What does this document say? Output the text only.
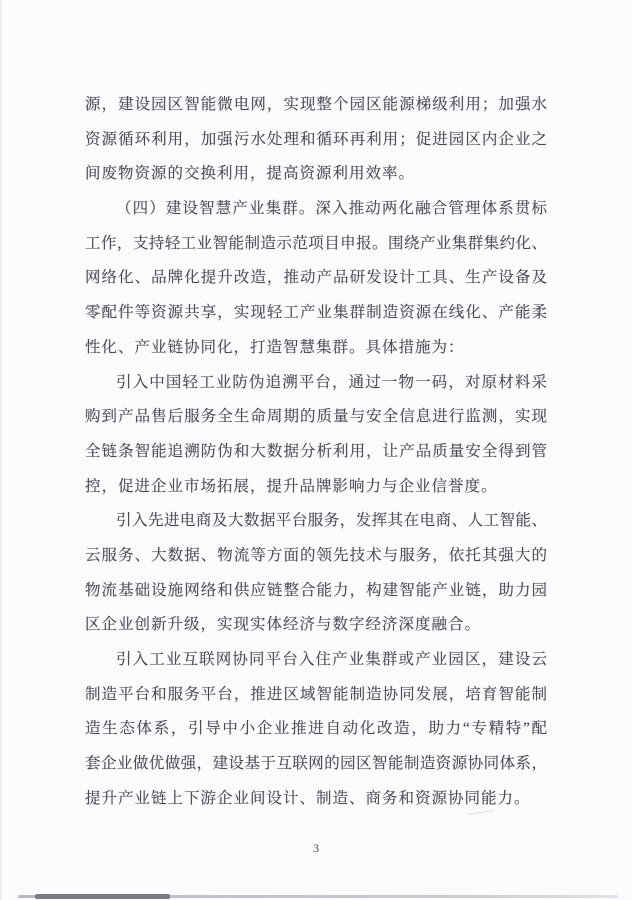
源，建设园区智能微电网，实现整个园区能源梯级利用；加强水
资源循环利用，加强污水处理和循环再利用；促进园区内企业之
间废物资源的交换利用，提高资源利用效率。
（四）建设智慧产业集群。深入推动两化融合管理体系贯标
工作，支持轻工业智能制造示范项目申报。围绕产业集群集约化、
网络化、品牌化提升改造，推动产品研发设计工具、生产设备及
零配件等资源共享，实现轻工产业集群制造资源在线化、产能柔
性化、产业链协同化，打造智慧集群。具体措施为：
引入中国轻工业防伪追溯平台，通过一物一码，对原材料采
购到产品售后服务全生命周期的质量与安全信息进行监测，实现
全链条智能追溯防伪和大数据分析利用，让产品质量安全得到管
控，促进企业市场拓展，提升品牌影响力与企业信誉度。
引入先进电商及大数据平台服务，发挥其在电商、人工智能、
云服务、大数据、物流等方面的领先技术与服务，依托其强大的
物流基础设施网络和供应链整合能力，构建智能产业链，助力园
区企业创新升级，实现实体经济与数字经济深度融合。
引入工业互联网协同平台入住产业集群或产业园区，建设云
制造平台和服务平台，推进区域智能制造协同发展，培育智能制
造生态体系，引导中小企业推进自动化改造，助力“专精特”配
套企业做优做强，建设基于互联网的园区智能制造资源协同体系，
提升产业链上下游企业间设计、制造、商务和资源协同能力。
3
